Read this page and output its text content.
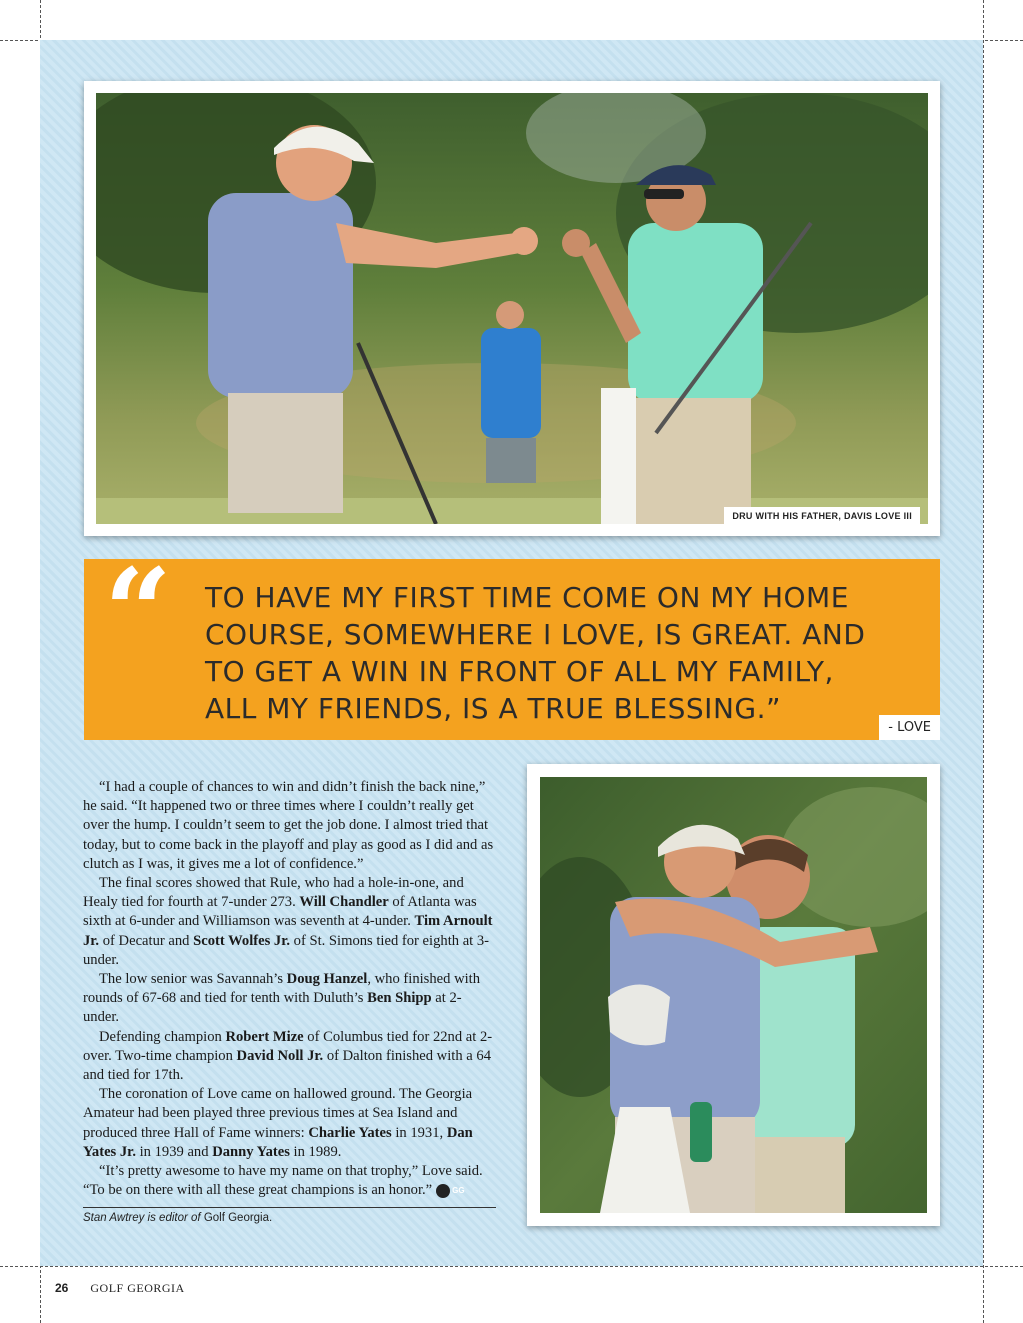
DRU WITH HIS FATHER, DAVIS LOVE III
“ TO HAVE MY FIRST TIME COME ON MY HOME
COURSE, SOMEWHERE I LOVE, IS GREAT. AND
TO GET A WIN IN FRONT OF ALL MY FAMILY,
ALL MY FRIENDS, IS A TRUE BLESSING.”
- LOVE

“I had a couple of chances to win and didn’t finish the back nine,” he said. “It happened two or three times where I couldn’t really get over the hump. I couldn’t seem to get the job done. I almost tried that today, but to come back in the playoff and play as good as I did and as clutch as I was, it gives me a lot of confidence.”

The final scores showed that Rule, who had a hole-in-one, and Healy tied for fourth at 7-under 273. Will Chandler of Atlanta was sixth at 6-under and Williamson was seventh at 4-under. Tim Arnoult Jr. of Decatur and Scott Wolfes Jr. of St. Simons tied for eighth at 3-under.

The low senior was Savannah’s Doug Hanzel, who finished with rounds of 67-68 and tied for tenth with Duluth’s Ben Shipp at 2-under.

Defending champion Robert Mize of Columbus tied for 22nd at 2-over. Two-time champion David Noll Jr. of Dalton finished with a 64 and tied for 17th.

The coronation of Love came on hallowed ground. The Georgia Amateur had been played three previous times at Sea Island and produced three Hall of Fame winners: Charlie Yates in 1931, Dan Yates Jr. in 1939 and Danny Yates in 1989.

“It’s pretty awesome to have my name on that trophy,” Love said. “To be on there with all these great champions is an honor.”	GG

Stan Awtrey is editor of Golf Georgia.
26 GOLF GEORGIA
